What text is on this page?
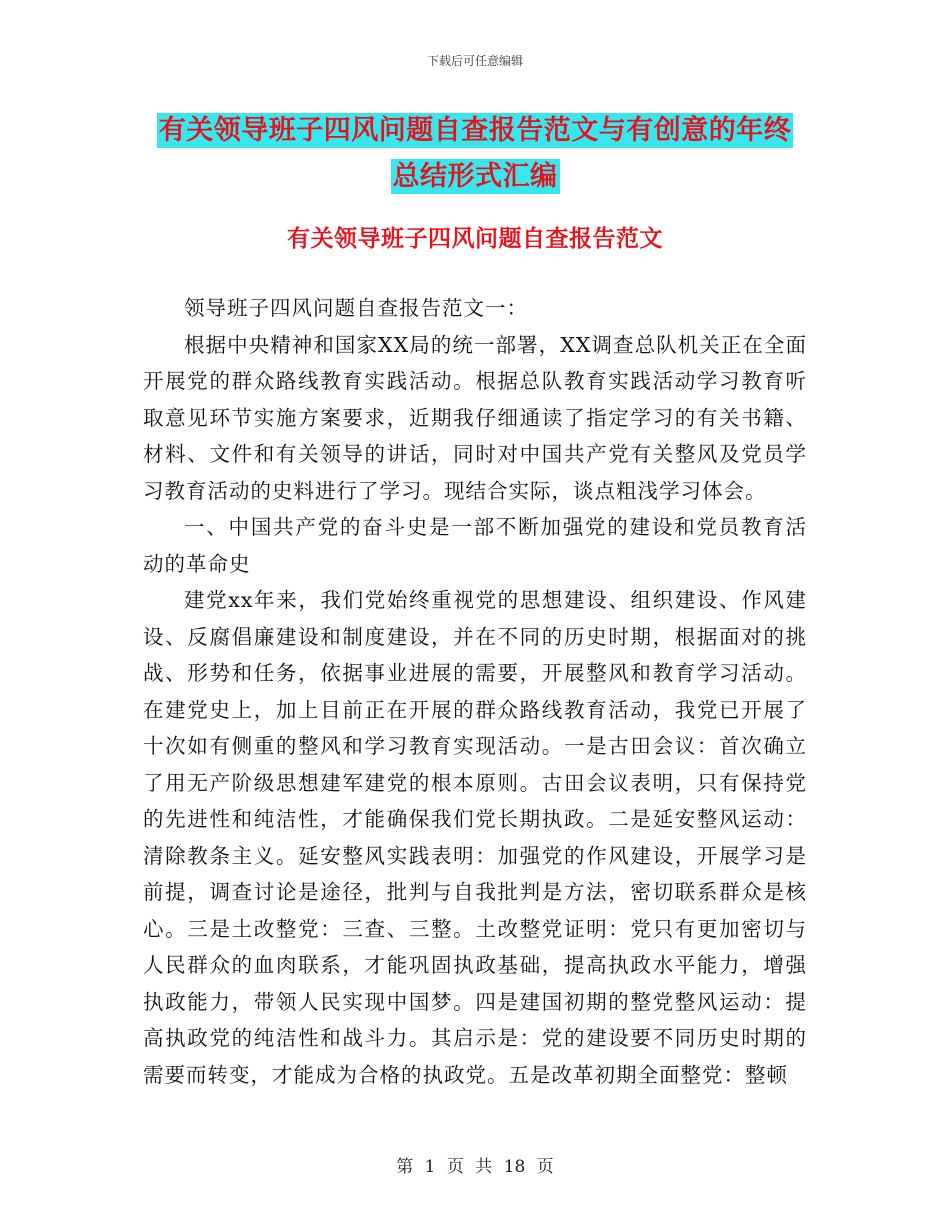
下载后可任意编辑
有关领导班子四风问题自查报告范文与有创意的年终
总结形式汇编
有关领导班子四风问题自查报告范文

领导班子四风问题自查报告范文一：

根据中央精神和国家XX局的统一部署，XX调查总队机关正在全面开展党的群众路线教育实践活动。根据总队教育实践活动学习教育听取意见环节实施方案要求，近期我仔细通读了指定学习的有关书籍、材料、文件和有关领导的讲话，同时对中国共产党有关整风及党员学习教育活动的史料进行了学习。现结合实际，谈点粗浅学习体会。

一、中国共产党的奋斗史是一部不断加强党的建设和党员教育活动的革命史

建党xx年来，我们党始终重视党的思想建设、组织建设、作风建设、反腐倡廉建设和制度建设，并在不同的历史时期，根据面对的挑战、形势和任务，依据事业进展的需要，开展整风和教育学习活动。在建党史上，加上目前正在开展的群众路线教育活动，我党已开展了十次如有侧重的整风和学习教育实现活动。一是古田会议：首次确立了用无产阶级思想建军建党的根本原则。古田会议表明，只有保持党的先进性和纯洁性，才能确保我们党长期执政。二是延安整风运动：清除教条主义。延安整风实践表明：加强党的作风建设，开展学习是前提，调查讨论是途径，批判与自我批判是方法，密切联系群众是核心。三是土改整党：三查、三整。土改整党证明：党只有更加密切与人民群众的血肉联系，才能巩固执政基础，提高执政水平能力，增强执政能力，带领人民实现中国梦。四是建国初期的整党整风运动：提高执政党的纯洁性和战斗力。其启示是：党的建设要不同历史时期的需要而转变，才能成为合格的执政党。五是改革初期全面整党：整顿

第 1 页 共 18 页
